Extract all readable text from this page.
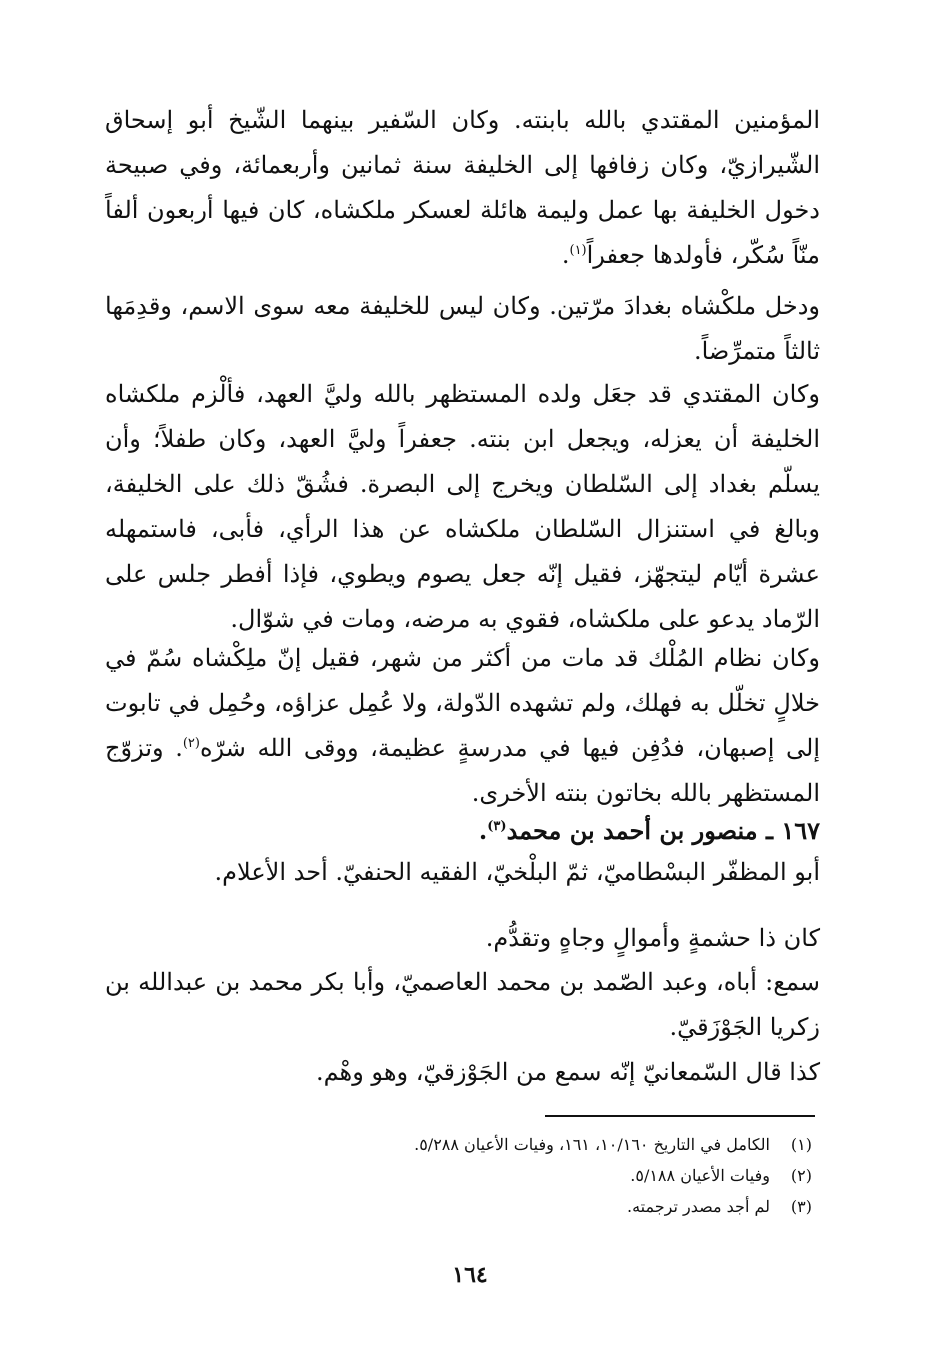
المؤمنين المقتدي بالله بابنته. وكان السّفير بينهما الشّيخ أبو إسحاق الشّيرازيّ، وكان زفافها إلى الخليفة سنة ثمانين وأربعمائة، وفي صبيحة دخول الخليفة بها عمل وليمة هائلة لعسكر ملكشاه، كان فيها أربعون ألفاً منّاً سُكّر، فأولدها جعفراً$^{(١)}$.

ودخل ملكْشاه بغدادَ مرّتين. وكان ليس للخليفة معه سوى الاسم، وقدِمَها ثالثاً متمرِّضاً.

وكان المقتدي قد جعَل ولده المستظهر بالله وليَّ العهد، فألْزم ملكشاه الخليفة أن يعزله، ويجعل ابن بنته. جعفراً وليَّ العهد، وكان طفلاً؛ وأن يسلّم بغداد إلى السّلطان ويخرج إلى البصرة. فشُقّ ذلك على الخليفة، وبالغ في استنزال السّلطان ملكشاه عن هذا الرأي، فأبى، فاستمهله عشرة أيّام ليتجهّز، فقيل إنّه جعل يصوم ويطوي، فإذا أفطر جلس على الرّماد يدعو على ملكشاه، فقوي به مرضه، ومات في شوّال.

وكان نظام المُلْك قد مات من أكثر من شهر، فقيل إنّ ملِكْشاه سُمّ في خلالٍ تخلّل به فهلك، ولم تشهده الدّولة، ولا عُمِل عزاؤه، وحُمِل في تابوت إلى إصبهان، فدُفِن فيها في مدرسةٍ عظيمة، ووقى الله شرّه$^{(٢)}$. وتزوّج المستظهر بالله بخاتون بنته الأخرى.

١٦٧ ـ منصور بن أحمد بن محمد$^{(٣)}$.
أبو المظفّر البسْطاميّ، ثمّ البلْخيّ، الفقيه الحنفيّ. أحد الأعلام.

كان ذا حشمةٍ وأموالٍ وجاهٍ وتقدُّم.

سمع: أباه، وعبد الصّمد بن محمد العاصميّ، وأبا بكر محمد بن عبدالله بن زكريا الجَوْزَقيّ.

كذا قال السّمعانيّ إنّه سمع من الجَوْزقيّ، وهو وهْم.

(١)الكامل في التاريخ ١٠/١٦٠، ١٦١، وفيات الأعيان ٥/٢٨٨.
(٢)وفيات الأعيان ٥/١٨٨.
(٣)لم أجد مصدر ترجمته.
١٦٤
